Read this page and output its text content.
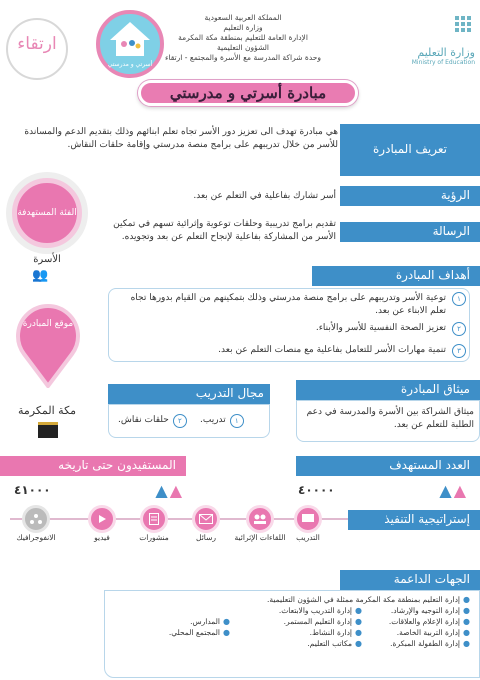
وزارة التعليم
Ministry of Education
المملكة العربية السعودية
وزارة التعليم
الإدارة العامة للتعليم بمنطقة مكة المكرمة
الشؤون التعليمية
وحدة شراكة المدرسة مع الأسرة والمجتمع - ارتقاء
أسرتي و مدرستي
ارتقاء
مبادرة أسرتي و مدرستي
تعريف المبادرة
هي مبادرة تهدف الى تعزيز دور الأسر تجاه تعلم ابنائهم وذلك بتقديم الدعم والمساندة للأسر من خلال تدريبهم على برامج منصة مدرستي وإقامة حلقات النقاش.
الرؤية
أسر تشارك بفاعلية في التعلم عن بعد.
الرسالة
تقديم برامج تدريبية وحلقات توعوية وإثرائية تسهم في تمكين الأسر من المشاركة بفاعلية لإنجاح التعلم عن بعد وتجويده.
الفئة المستهدفة
الأسرة
👥	أهداف المبادرة
١
توعية الأسر وتدريبهم على برامج منصة مدرستي وذلك بتمكينهم من القيام بدورها تجاه تعلم الابناء عن بعد.
٢
تعزيز الصحة النفسية للأسر والأبناء.
٣
تنمية مهارات الأسر للتعامل بفاعلية مع منصات التعلم عن بعد.
موقع المبادرة
مكة المكرمة
مجال التدريب
١
تدريب.
٢
حلقات نقاش.
ميثاق المبادرة
ميثاق الشراكة بين الأسرة والمدرسة في دعم الطلبة للتعلم عن بعد.
المستفيدون حتى تاريخه
▲▲
٤١٠٠٠
العدد المستهدف
▲▲
٤٠٠٠٠
إستراتيجية التنفيذ
التدريب
اللقاءات الإثرائية
رسائل
منشورات
فيديو
الانفوجرافيك
الجهات الداعمة
● إدارة التعليم بمنطقة مكة المكرمة ممثلة في الشؤون التعليمية.
● إدارة التوجيه والإرشاد.
● إدارة الإعلام والعلاقات.
● إدارة التربية الخاصة.
● إدارة الطفولة المبكرة.
● إدارة التدريب والابتعاث.
● إدارة التعليم المستمر.
● إدارة النشاط.
● مكاتب التعليم.
● المدارس.
● المجتمع المحلي.
